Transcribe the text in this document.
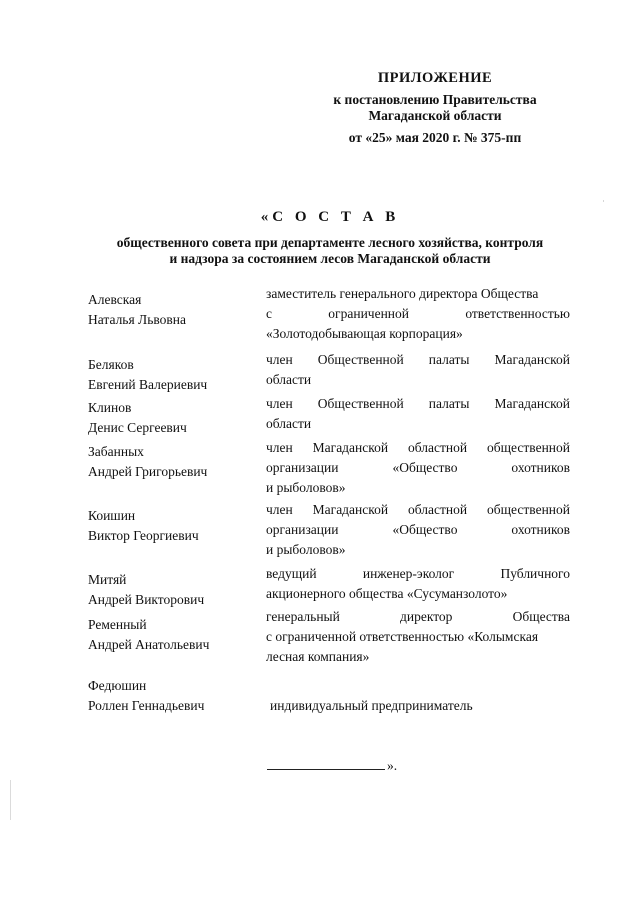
ПРИЛОЖЕНИЕ
к постановлению Правительства
Магаданской области
от «25» мая 2020 г. № 375-пп
«С О С Т А В
общественного совета при департаменте лесного хозяйства, контроля
и надзора за состоянием лесов Магаданской области
Алевская
Наталья Львовна
заместитель генерального директора Общества
с ограниченной ответственностью
«Золотодобывающая корпорация»
Беляков
Евгений Валериевич
член Общественной палаты Магаданской
области
Клинов
Денис Сергеевич
член Общественной палаты Магаданской
области
Забанных
Андрей Григорьевич
член Магаданской областной общественной
организации «Общество охотников
и рыболовов»
Коишин
Виктор Георгиевич
член Магаданской областной общественной
организации «Общество охотников
и рыболовов»
Митяй
Андрей Викторович
ведущий инженер-эколог Публичного
акционерного общества «Сусуманзолото»
Ременный
Андрей Анатольевич
генеральный директор Общества
с ограниченной ответственностью «Колымская
лесная компания»
Федюшин
Роллен Геннадьевич
	индивидуальный предприниматель
».
